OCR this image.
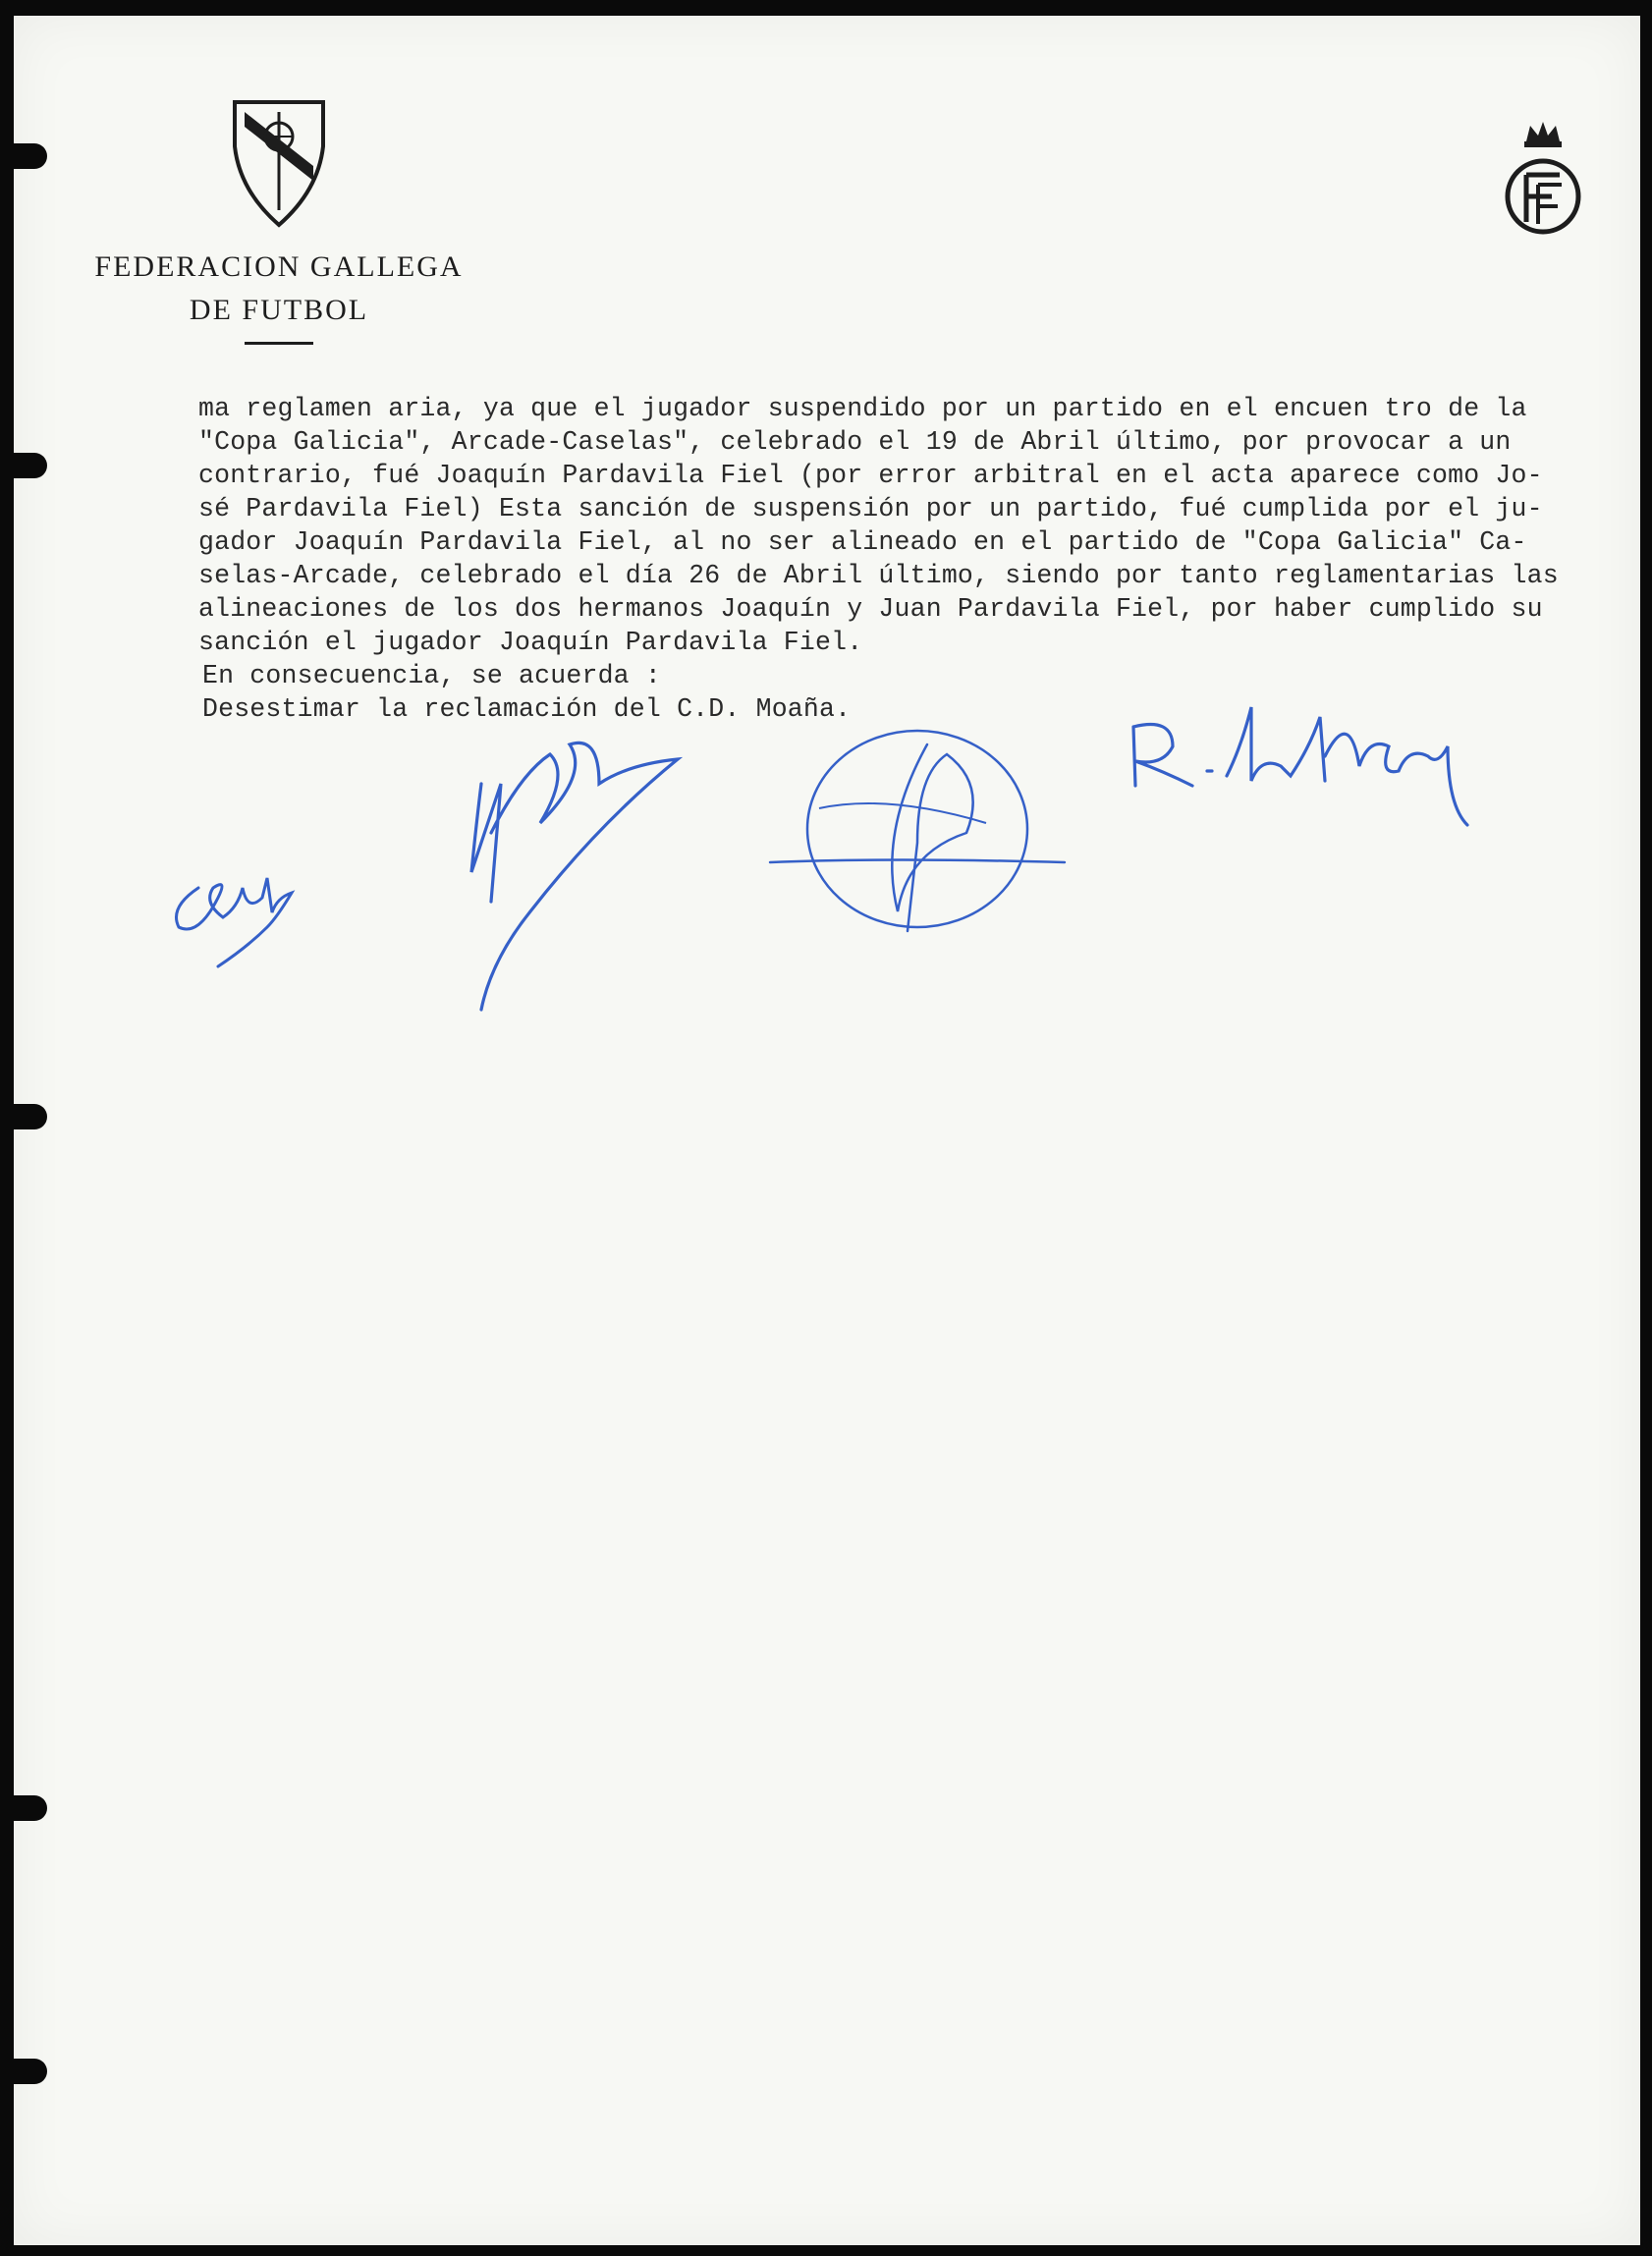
FEDERACION GALLEGA
DE FUTBOL
ma reglamen aria, ya que el jugador suspendido por un partido en el encuen tro de la
"Copa Galicia", Arcade-Caselas", celebrado el 19 de Abril último, por provocar a un
contrario, fué Joaquín Pardavila Fiel (por error arbitral en el acta aparece como Jo-
sé Pardavila Fiel) Esta sanción de suspensión por un partido, fué cumplida por el ju-
gador Joaquín Pardavila Fiel, al no ser alineado en el partido de "Copa Galicia" Ca-
selas-Arcade, celebrado el día 26 de Abril último, siendo por tanto reglamentarias las
alineaciones de los dos hermanos Joaquín y Juan Pardavila Fiel, por haber cumplido su
sanción el jugador Joaquín Pardavila Fiel.
En consecuencia, se acuerda :
Desestimar la reclamación del C.D. Moaña.
